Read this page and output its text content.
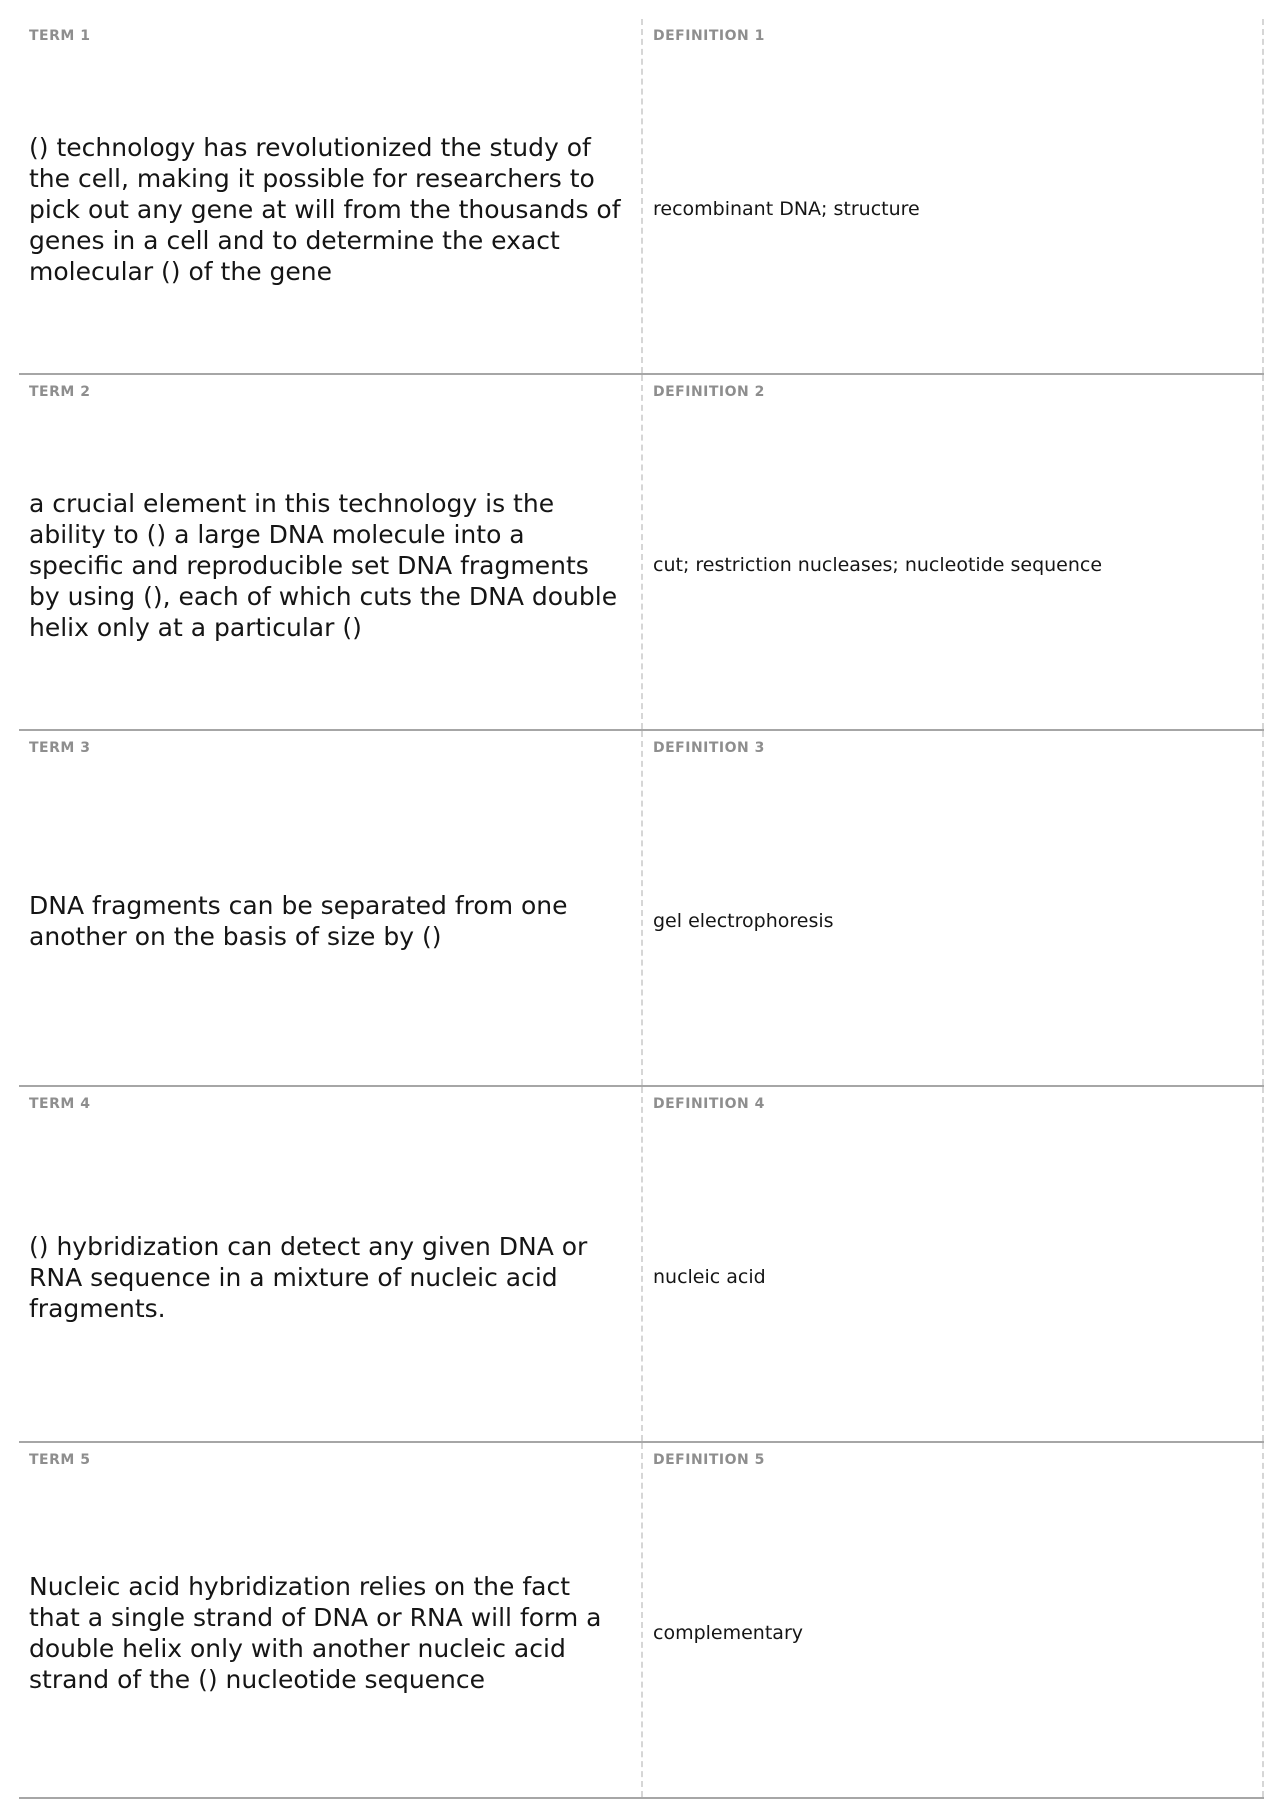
TERM 1
() technology has revolutionized the study of the cell, making it possible for researchers to pick out any gene at will from the thousands of genes in a cell and to determine the exact molecular () of the gene
DEFINITION 1
recombinant DNA; structure
TERM 2
a crucial element in this technology is the ability to () a large DNA molecule into a specific and reproducible set DNA fragments by using (), each of which cuts the DNA double helix only at a particular ()
DEFINITION 2
cut; restriction nucleases; nucleotide sequence
TERM 3
DNA fragments can be separated from one another on the basis of size by ()
DEFINITION 3
gel electrophoresis
TERM 4
() hybridization can detect any given DNA or RNA sequence in a mixture of nucleic acid fragments.
DEFINITION 4
nucleic acid
TERM 5
Nucleic acid hybridization relies on the fact that a single strand of DNA or RNA will form a double helix only with another nucleic acid strand of the () nucleotide sequence
DEFINITION 5
complementary
